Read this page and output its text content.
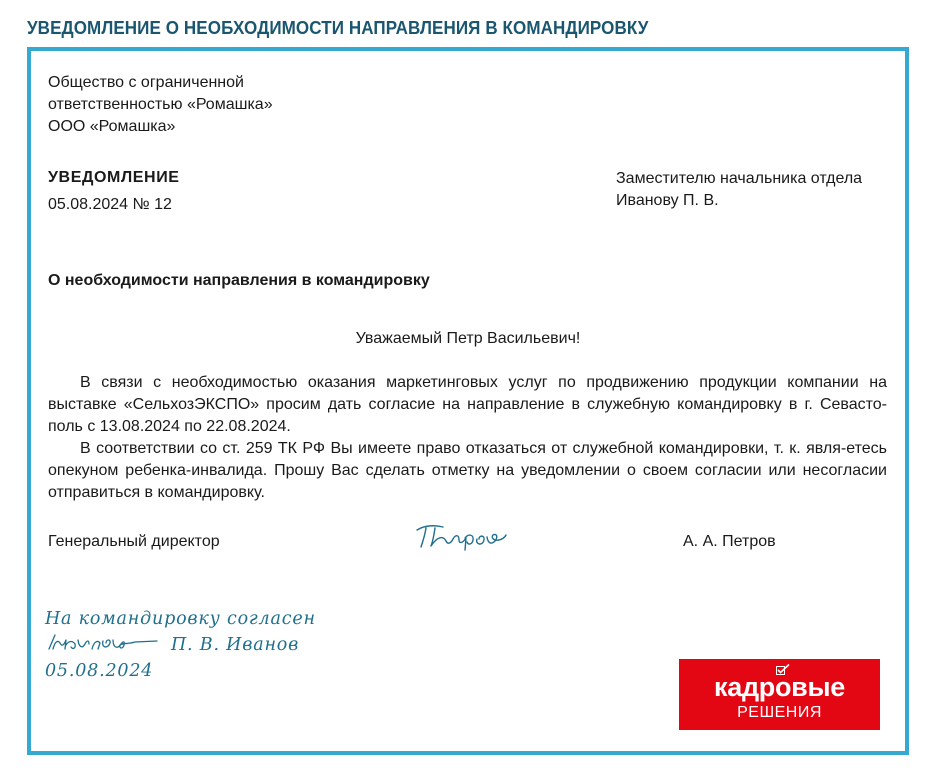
УВЕДОМЛЕНИЕ О НЕОБХОДИМОСТИ НАПРАВЛЕНИЯ В КОМАНДИРОВКУ
Общество с ограниченной
ответственностью «Ромашка»
ООО «Ромашка»
УВЕДОМЛЕНИЕ
05.08.2024 № 12
Заместителю начальника отдела
Иванову П. В.
О необходимости направления в командировку
Уважаемый Петр Васильевич!

В связи с необходимостью оказания маркетинговых услуг по продвижению продукции компании на выставке «СельхозЭКСПО» просим дать согласие на направление в служебную командировку в г. Севасто-поль с 13.08.2024 по 22.08.2024.

В соответствии со ст. 259 ТК РФ Вы имеете право отказаться от служебной командировки, т. к. явля-етесь опекуном ребенка-инвалида. Прошу Вас сделать отметку на уведомлении о своем согласии или несогласии отправиться в командировку.

Генеральный директор	А. А. Петров
На командировку согласен
П. В. Иванов
05.08.2024
кадровые
РЕШЕНИЯ
